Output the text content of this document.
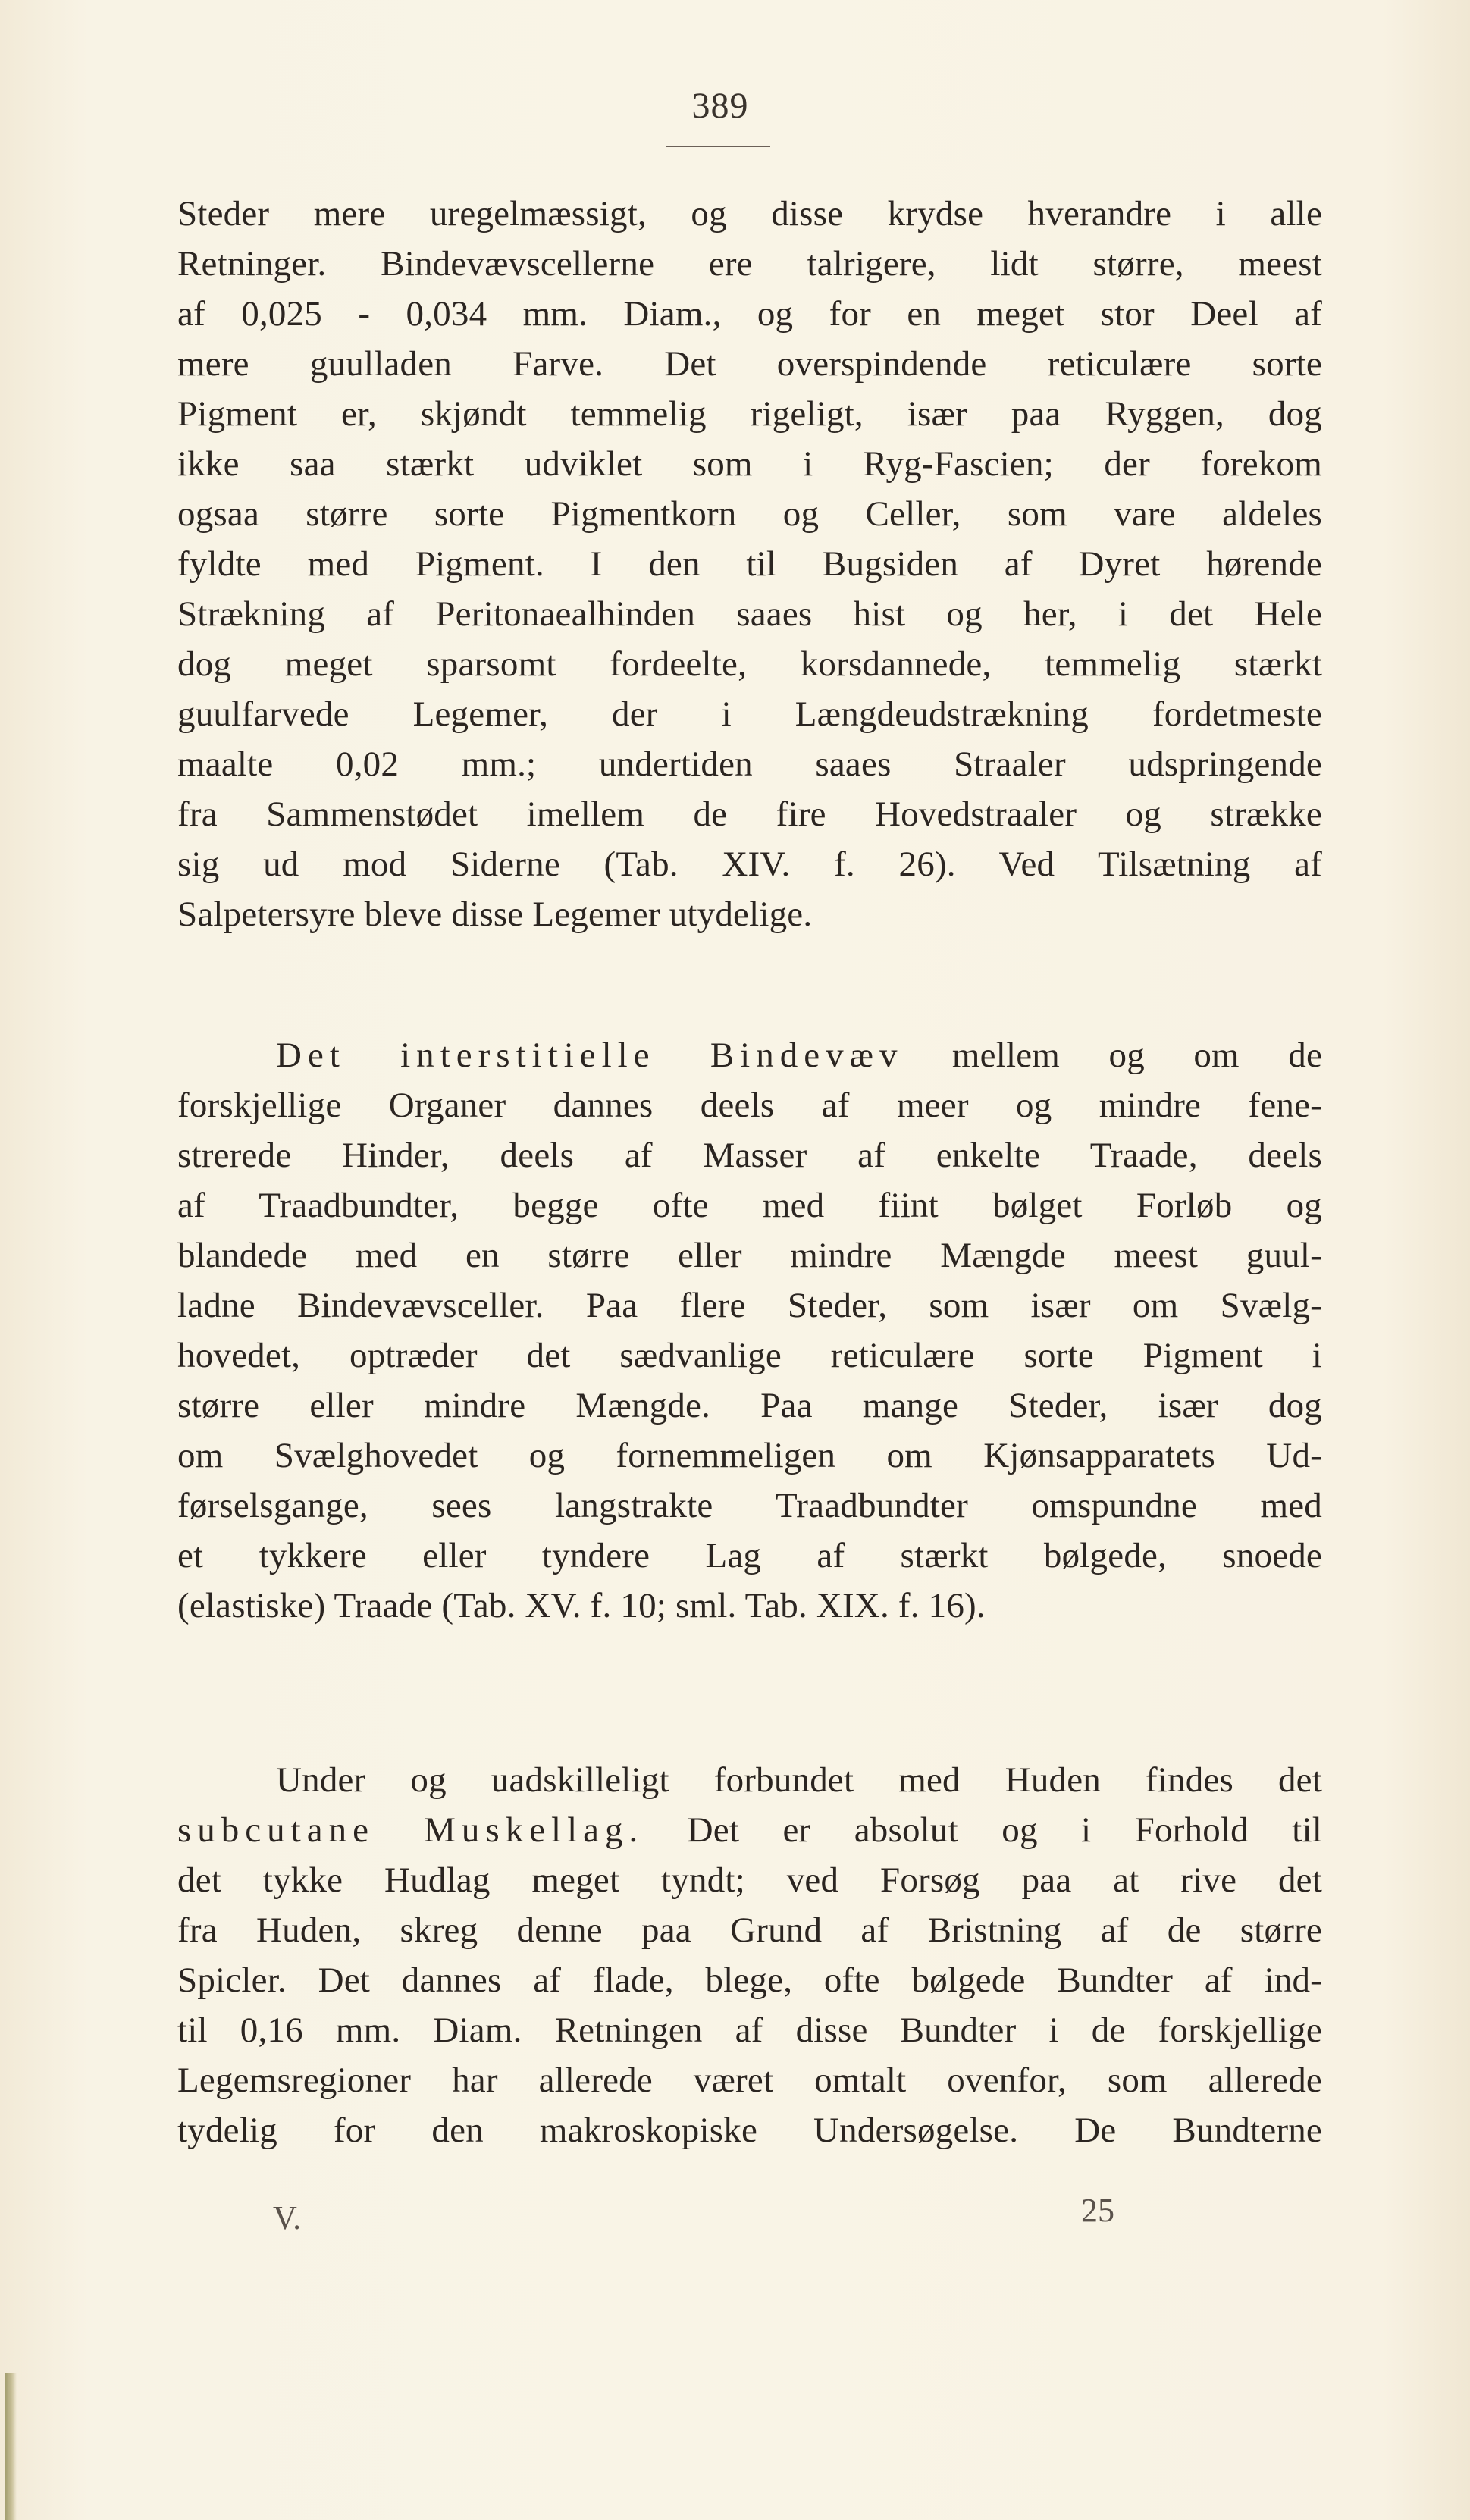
389
Steder mere uregelmæssigt, og disse krydse hverandre i alle
Retninger. Bindevævscellerne ere talrigere, lidt større, meest
af 0,025 - 0,034 mm. Diam., og for en meget stor Deel af
mere guulladen Farve. Det overspindende reticulære sorte
Pigment er, skjøndt temmelig rigeligt, især paa Ryggen, dog
ikke saa stærkt udviklet som i Ryg-Fascien; der forekom
ogsaa større sorte Pigmentkorn og Celler, som vare aldeles
fyldte med Pigment. I den til Bugsiden af Dyret hørende
Strækning af Peritonaealhinden saaes hist og her, i det Hele
dog meget sparsomt fordeelte, korsdannede, temmelig stærkt
guulfarvede Legemer, der i Længdeudstrækning fordetmeste
maalte 0,02 mm.; undertiden saaes Straaler udspringende
fra Sammenstødet imellem de fire Hovedstraaler og strække
sig ud mod Siderne (Tab. XIV. f. 26). Ved Tilsætning af
Salpetersyre bleve disse Legemer utydelige.
Det interstitielle Bindevæv mellem og om de
forskjellige Organer dannes deels af meer og mindre fene-
strerede Hinder, deels af Masser af enkelte Traade, deels
af Traadbundter, begge ofte med fiint bølget Forløb og
blandede med en større eller mindre Mængde meest guul-
ladne Bindevævsceller. Paa flere Steder, som især om Svælg-
hovedet, optræder det sædvanlige reticulære sorte Pigment i
større eller mindre Mængde. Paa mange Steder, især dog
om Svælghovedet og fornemmeligen om Kjønsapparatets Ud-
førselsgange, sees langstrakte Traadbundter omspundne med
et tykkere eller tyndere Lag af stærkt bølgede, snoede
(elastiske) Traade (Tab. XV. f. 10; sml. Tab. XIX. f. 16).
Under og uadskilleligt forbundet med Huden findes det
subcutane Muskellag. Det er absolut og i Forhold til
det tykke Hudlag meget tyndt; ved Forsøg paa at rive det
fra Huden, skreg denne paa Grund af Bristning af de større
Spicler. Det dannes af flade, blege, ofte bølgede Bundter af ind-
til 0,16 mm. Diam. Retningen af disse Bundter i de forskjellige
Legemsregioner har allerede været omtalt ovenfor, som allerede
tydelig for den makroskopiske Undersøgelse. De Bundterne
V.	25
